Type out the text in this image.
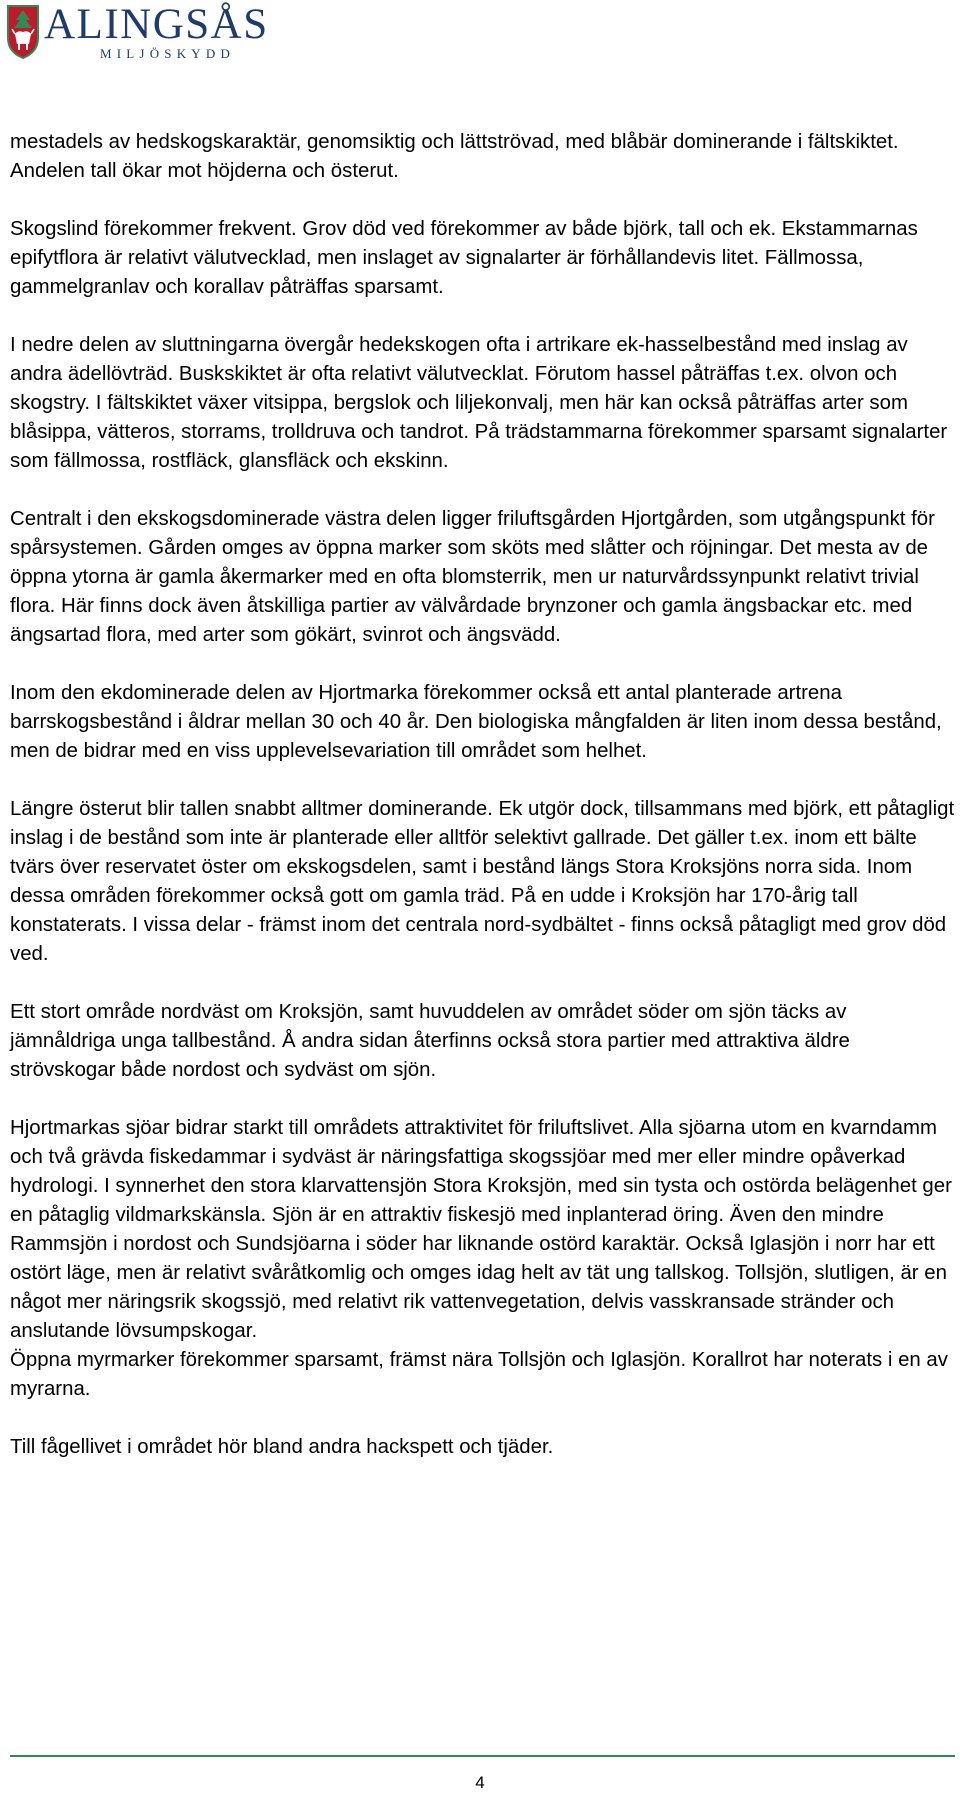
ALINGSÅS
MILJÖSKYDD

mestadels av hedskogskaraktär, genomsiktig och lättströvad, med blåbär dominerande i fältskiktet. Andelen tall ökar mot höjderna och österut.

Skogslind förekommer frekvent. Grov död ved förekommer av både björk, tall och ek. Ekstammarnas epifytflora är relativt välutvecklad, men inslaget av signalarter är förhållandevis litet. Fällmossa, gammelgranlav och korallav påträffas sparsamt.

I nedre delen av sluttningarna övergår hedekskogen ofta i artrikare ek-hasselbestånd med inslag av andra ädellövträd. Buskskiktet är ofta relativt välutvecklat. Förutom hassel påträffas t.ex. olvon och skogstry. I fältskiktet växer vitsippa, bergslok och liljekonvalj, men här kan också påträffas arter som blåsippa, vätteros, storrams, trolldruva och tandrot. På trädstammarna förekommer sparsamt signalarter som fällmossa, rostfläck, glansfläck och ekskinn.

Centralt i den ekskogsdominerade västra delen ligger friluftsgården Hjortgården, som utgångspunkt för spårsystemen. Gården omges av öppna marker som sköts med slåtter och röjningar. Det mesta av de öppna ytorna är gamla åkermarker med en ofta blomsterrik, men ur naturvårdssynpunkt relativt trivial flora. Här finns dock även åtskilliga partier av välvårdade brynzoner och gamla ängsbackar etc. med ängsartad flora, med arter som gökärt, svinrot och ängsvädd.

Inom den ekdominerade delen av Hjortmarka förekommer också ett antal planterade artrena barrskogsbestånd i åldrar mellan 30 och 40 år. Den biologiska mångfalden är liten inom dessa bestånd, men de bidrar med en viss upplevelsevariation till området som helhet.

Längre österut blir tallen snabbt alltmer dominerande. Ek utgör dock, tillsammans med björk, ett påtagligt inslag i de bestånd som inte är planterade eller alltför selektivt gallrade. Det gäller t.ex. inom ett bälte tvärs över reservatet öster om ekskogsdelen, samt i bestånd längs Stora Kroksjöns norra sida. Inom dessa områden förekommer också gott om gamla träd. På en udde i Kroksjön har 170-årig tall konstaterats. I vissa delar - främst inom det centrala nord-sydbältet - finns också påtagligt med grov död ved.

Ett stort område nordväst om Kroksjön, samt huvuddelen av området söder om sjön täcks av jämnåldriga unga tallbestånd. Å andra sidan återfinns också stora partier med attraktiva äldre strövskogar både nordost och sydväst om sjön.

Hjortmarkas sjöar bidrar starkt till områdets attraktivitet för friluftslivet. Alla sjöarna utom en kvarndamm och två grävda fiskedammar i sydväst är näringsfattiga skogssjöar med mer eller mindre opåverkad hydrologi. I synnerhet den stora klarvattensjön Stora Kroksjön, med sin tysta och ostörda belägenhet ger en påtaglig vildmarkskänsla. Sjön är en attraktiv fiskesjö med inplanterad öring. Även den mindre Rammsjön i nordost och Sundsjöarna i söder har liknande ostörd karaktär. Också Iglasjön i norr har ett ostört läge, men är relativt svåråtkomlig och omges idag helt av tät ung tallskog. Tollsjön, slutligen, är en något mer näringsrik skogssjö, med relativt rik vattenvegetation, delvis vasskransade stränder och anslutande lövsumpskogar.

Öppna myrmarker förekommer sparsamt, främst nära Tollsjön och Iglasjön. Korallrot har noterats i en av myrarna.

Till fågellivet i området hör bland andra hackspett och tjäder.

4
